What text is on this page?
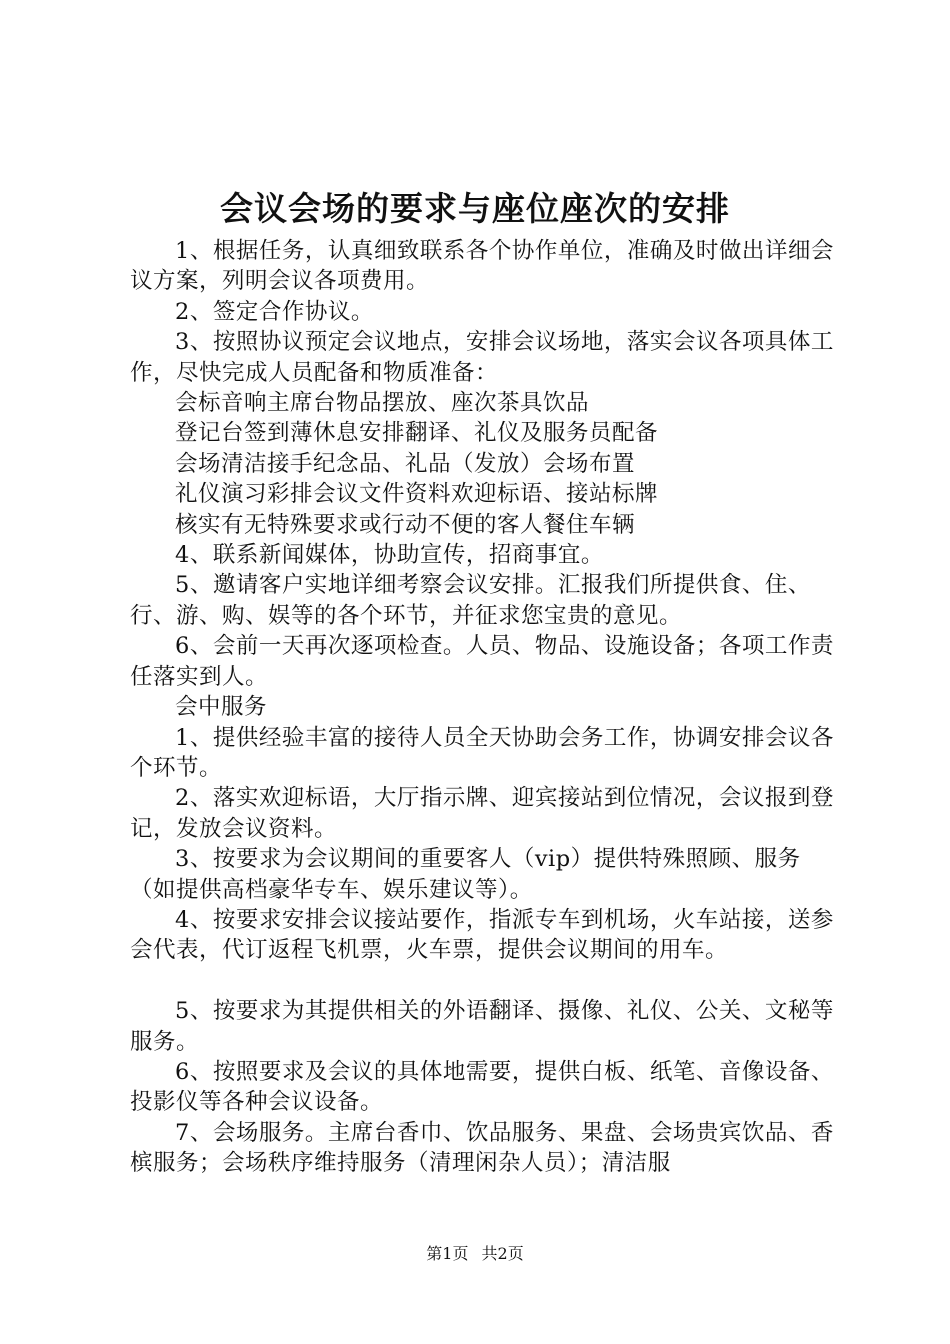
会议会场的要求与座位座次的安排

1、根据任务，认真细致联系各个协作单位，准确及时做出详细会议方案，列明会议各项费用。

2、签定合作协议。

3、按照协议预定会议地点，安排会议场地，落实会议各项具体工作，尽快完成人员配备和物质准备：

会标音响主席台物品摆放、座次茶具饮品

登记台签到薄休息安排翻译、礼仪及服务员配备

会场清洁接手纪念品、礼品（发放）会场布置

礼仪演习彩排会议文件资料欢迎标语、接站标牌

核实有无特殊要求或行动不便的客人餐住车辆

4、联系新闻媒体，协助宣传，招商事宜。

5、邀请客户实地详细考察会议安排。汇报我们所提供食、住、行、游、购、娱等的各个环节，并征求您宝贵的意见。

6、会前一天再次逐项检查。人员、物品、设施设备；各项工作责任落实到人。

会中服务

1、提供经验丰富的接待人员全天协助会务工作，协调安排会议各个环节。

2、落实欢迎标语，大厅指示牌、迎宾接站到位情况，会议报到登记，发放会议资料。

3、按要求为会议期间的重要客人（vip）提供特殊照顾、服务（如提供高档豪华专车、娱乐建议等）。

4、按要求安排会议接站要作，指派专车到机场，火车站接，送参会代表，代订返程飞机票，火车票，提供会议期间的用车。

5、按要求为其提供相关的外语翻译、摄像、礼仪、公关、文秘等服务。

6、按照要求及会议的具体地需要，提供白板、纸笔、音像设备、投影仪等各种会议设备。

7、会场服务。主席台香巾、饮品服务、果盘、会场贵宾饮品、香槟服务；会场秩序维持服务（清理闲杂人员）；清洁服

第1页 共2页
